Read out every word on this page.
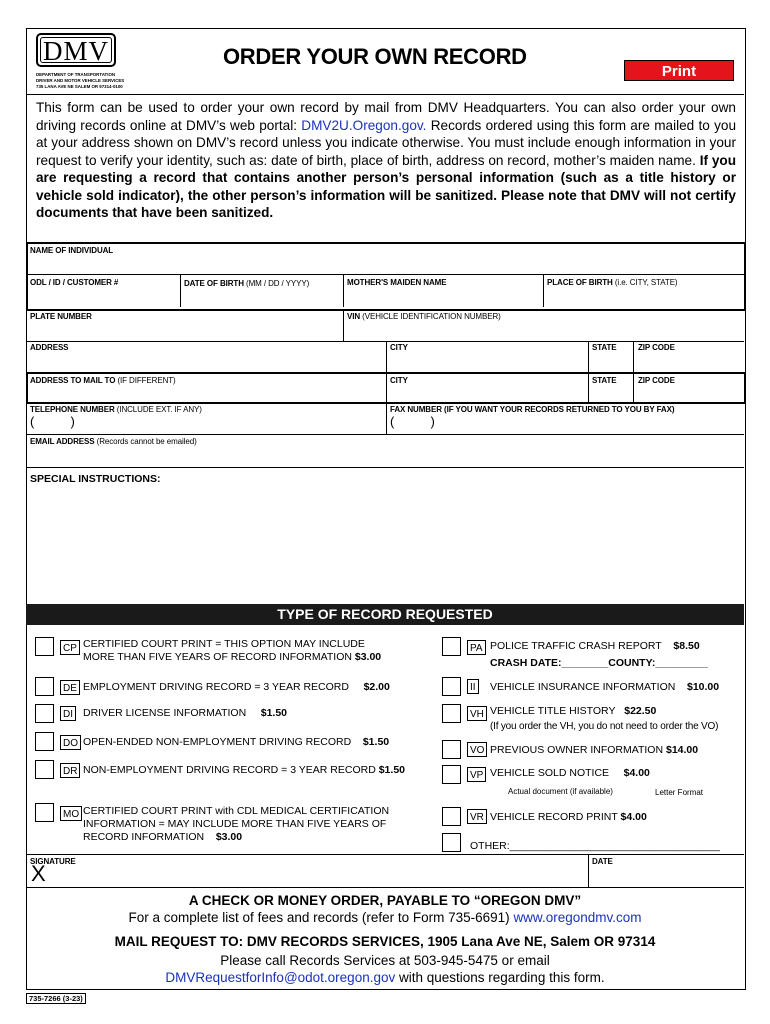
DMV
DEPARTMENT OF TRANSPORTATION
DRIVER AND MOTOR VEHICLE SERVICES
735 LANA AVE NE SALEM OR 97314-0100
ORDER YOUR OWN RECORD
Print
This form can be used to order your own record by mail from DMV Headquarters. You can also order your own driving records online at DMV’s web portal: DMV2U.Oregon.gov. Records ordered using this form are mailed to you at your address shown on DMV’s record unless you indicate otherwise. You must include enough information in your request to verify your identity, such as: date of birth, place of birth, address on record, mother’s maiden name. If you are requesting a record that contains another person’s personal information (such as a title history or vehicle sold indicator), the other person’s information will be sanitized. Please note that DMV will not certify documents that have been sanitized.
NAME OF INDIVIDUAL
ODL / ID / CUSTOMER #	DATE OF BIRTH (MM / DD / YYYY)	MOTHER'S MAIDEN NAME	PLACE OF BIRTH (i.e. CITY, STATE)
PLATE NUMBER	VIN (VEHICLE IDENTIFICATION NUMBER)
ADDRESS	CITY	STATE	ZIP CODE
ADDRESS TO MAIL TO (IF DIFFERENT)	CITY	STATE	ZIP CODE
TELEPHONE NUMBER (INCLUDE EXT. IF ANY)
(          )
FAX NUMBER (IF YOU WANT YOUR RECORDS RETURNED TO YOU BY FAX)
(          )
EMAIL ADDRESS (Records cannot be emailed)
SPECIAL INSTRUCTIONS:
TYPE OF RECORD REQUESTED
CP CERTIFIED COURT PRINT = THIS OPTION MAY INCLUDE
MORE THAN FIVE YEARS OF RECORD INFORMATION $3.00
DE EMPLOYMENT DRIVING RECORD = 3 YEAR RECORD $2.00
DI DRIVER LICENSE INFORMATION $1.50
DO OPEN-ENDED NON-EMPLOYMENT DRIVING RECORD $1.50
DR NON-EMPLOYMENT DRIVING RECORD = 3 YEAR RECORD $1.50
MO CERTIFIED COURT PRINT with CDL MEDICAL CERTIFICATION
INFORMATION = MAY INCLUDE MORE THAN FIVE YEARS OF
RECORD INFORMATION $3.00
PA POLICE TRAFFIC CRASH REPORT $8.50
CRASH DATE:________COUNTY:_________
II VEHICLE INSURANCE INFORMATION $10.00
VH VEHICLE TITLE HISTORY $22.50
(If you order the VH, you do not need to order the VO)
VO PREVIOUS OWNER INFORMATION $14.00
VP VEHICLE SOLD NOTICE $4.00
Actual document (if available)	Letter Format
VR VEHICLE RECORD PRINT $4.00
OTHER:____________________________________
SIGNATURE
X	DATE
A CHECK OR MONEY ORDER, PAYABLE TO “OREGON DMV”
For a complete list of fees and records (refer to Form 735-6691) www.oregondmv.com
MAIL REQUEST TO: DMV RECORDS SERVICES, 1905 Lana Ave NE, Salem OR 97314
Please call Records Services at 503-945-5475 or email
DMVRequestforInfo@odot.oregon.gov with questions regarding this form.
735-7266 (3-23)
